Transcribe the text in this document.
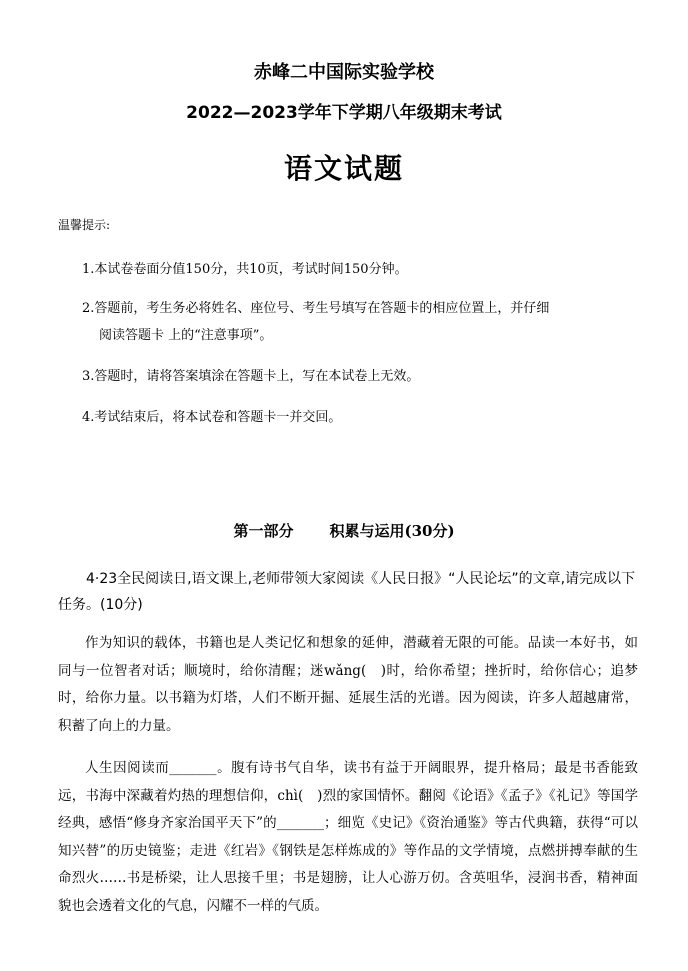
赤峰二中国际实验学校
2022—2023学年下学期八年级期末考试
语文试题
温馨提示:
1.本试卷卷面分值150分，共10页，考试时间150分钟。
2.答题前，考生务必将姓名、座位号、考生号填写在答题卡的相应位置上，并仔细
阅读答题卡 上的“注意事项”。
3.答题时，请将答案填涂在答题卡上，写在本试卷上无效。
4.考试结束后，将本试卷和答题卡一并交回。
第一部分 积累与运用(30分)
4·23全民阅读日,语文课上,老师带领大家阅读《人民日报》“人民论坛”的文章,请完成以下任务。(10分)
作为知识的载体，书籍也是人类记忆和想象的延伸，潜藏着无限的可能。品读一本好书，如同与一位智者对话；顺境时，给你清醒；迷wǎng(　)时，给你希望；挫折时，给你信心；追梦时，给你力量。以书籍为灯塔，人们不断开掘、延展生活的光谱。因为阅读，许多人超越庸常，积蓄了向上的力量。
人生因阅读而_______。腹有诗书气自华，读书有益于开阔眼界，提升格局；最是书香能致远，书海中深藏着灼热的理想信仰，chì(　)烈的家国情怀。翻阅《论语》《孟子》《礼记》等国学经典，感悟“修身齐家治国平天下”的_______；细览《史记》《资治通鉴》等古代典籍，获得“可以知兴替”的历史镜鉴；走进《红岩》《钢铁是怎样炼成的》等作品的文学情境，点燃拼搏奉献的生命烈火……书是桥梁，让人思接千里；书是翅膀，让人心游万仞。含英咀华，浸润书香，精神面貌也会透着文化的气息，闪耀不一样的气质。
